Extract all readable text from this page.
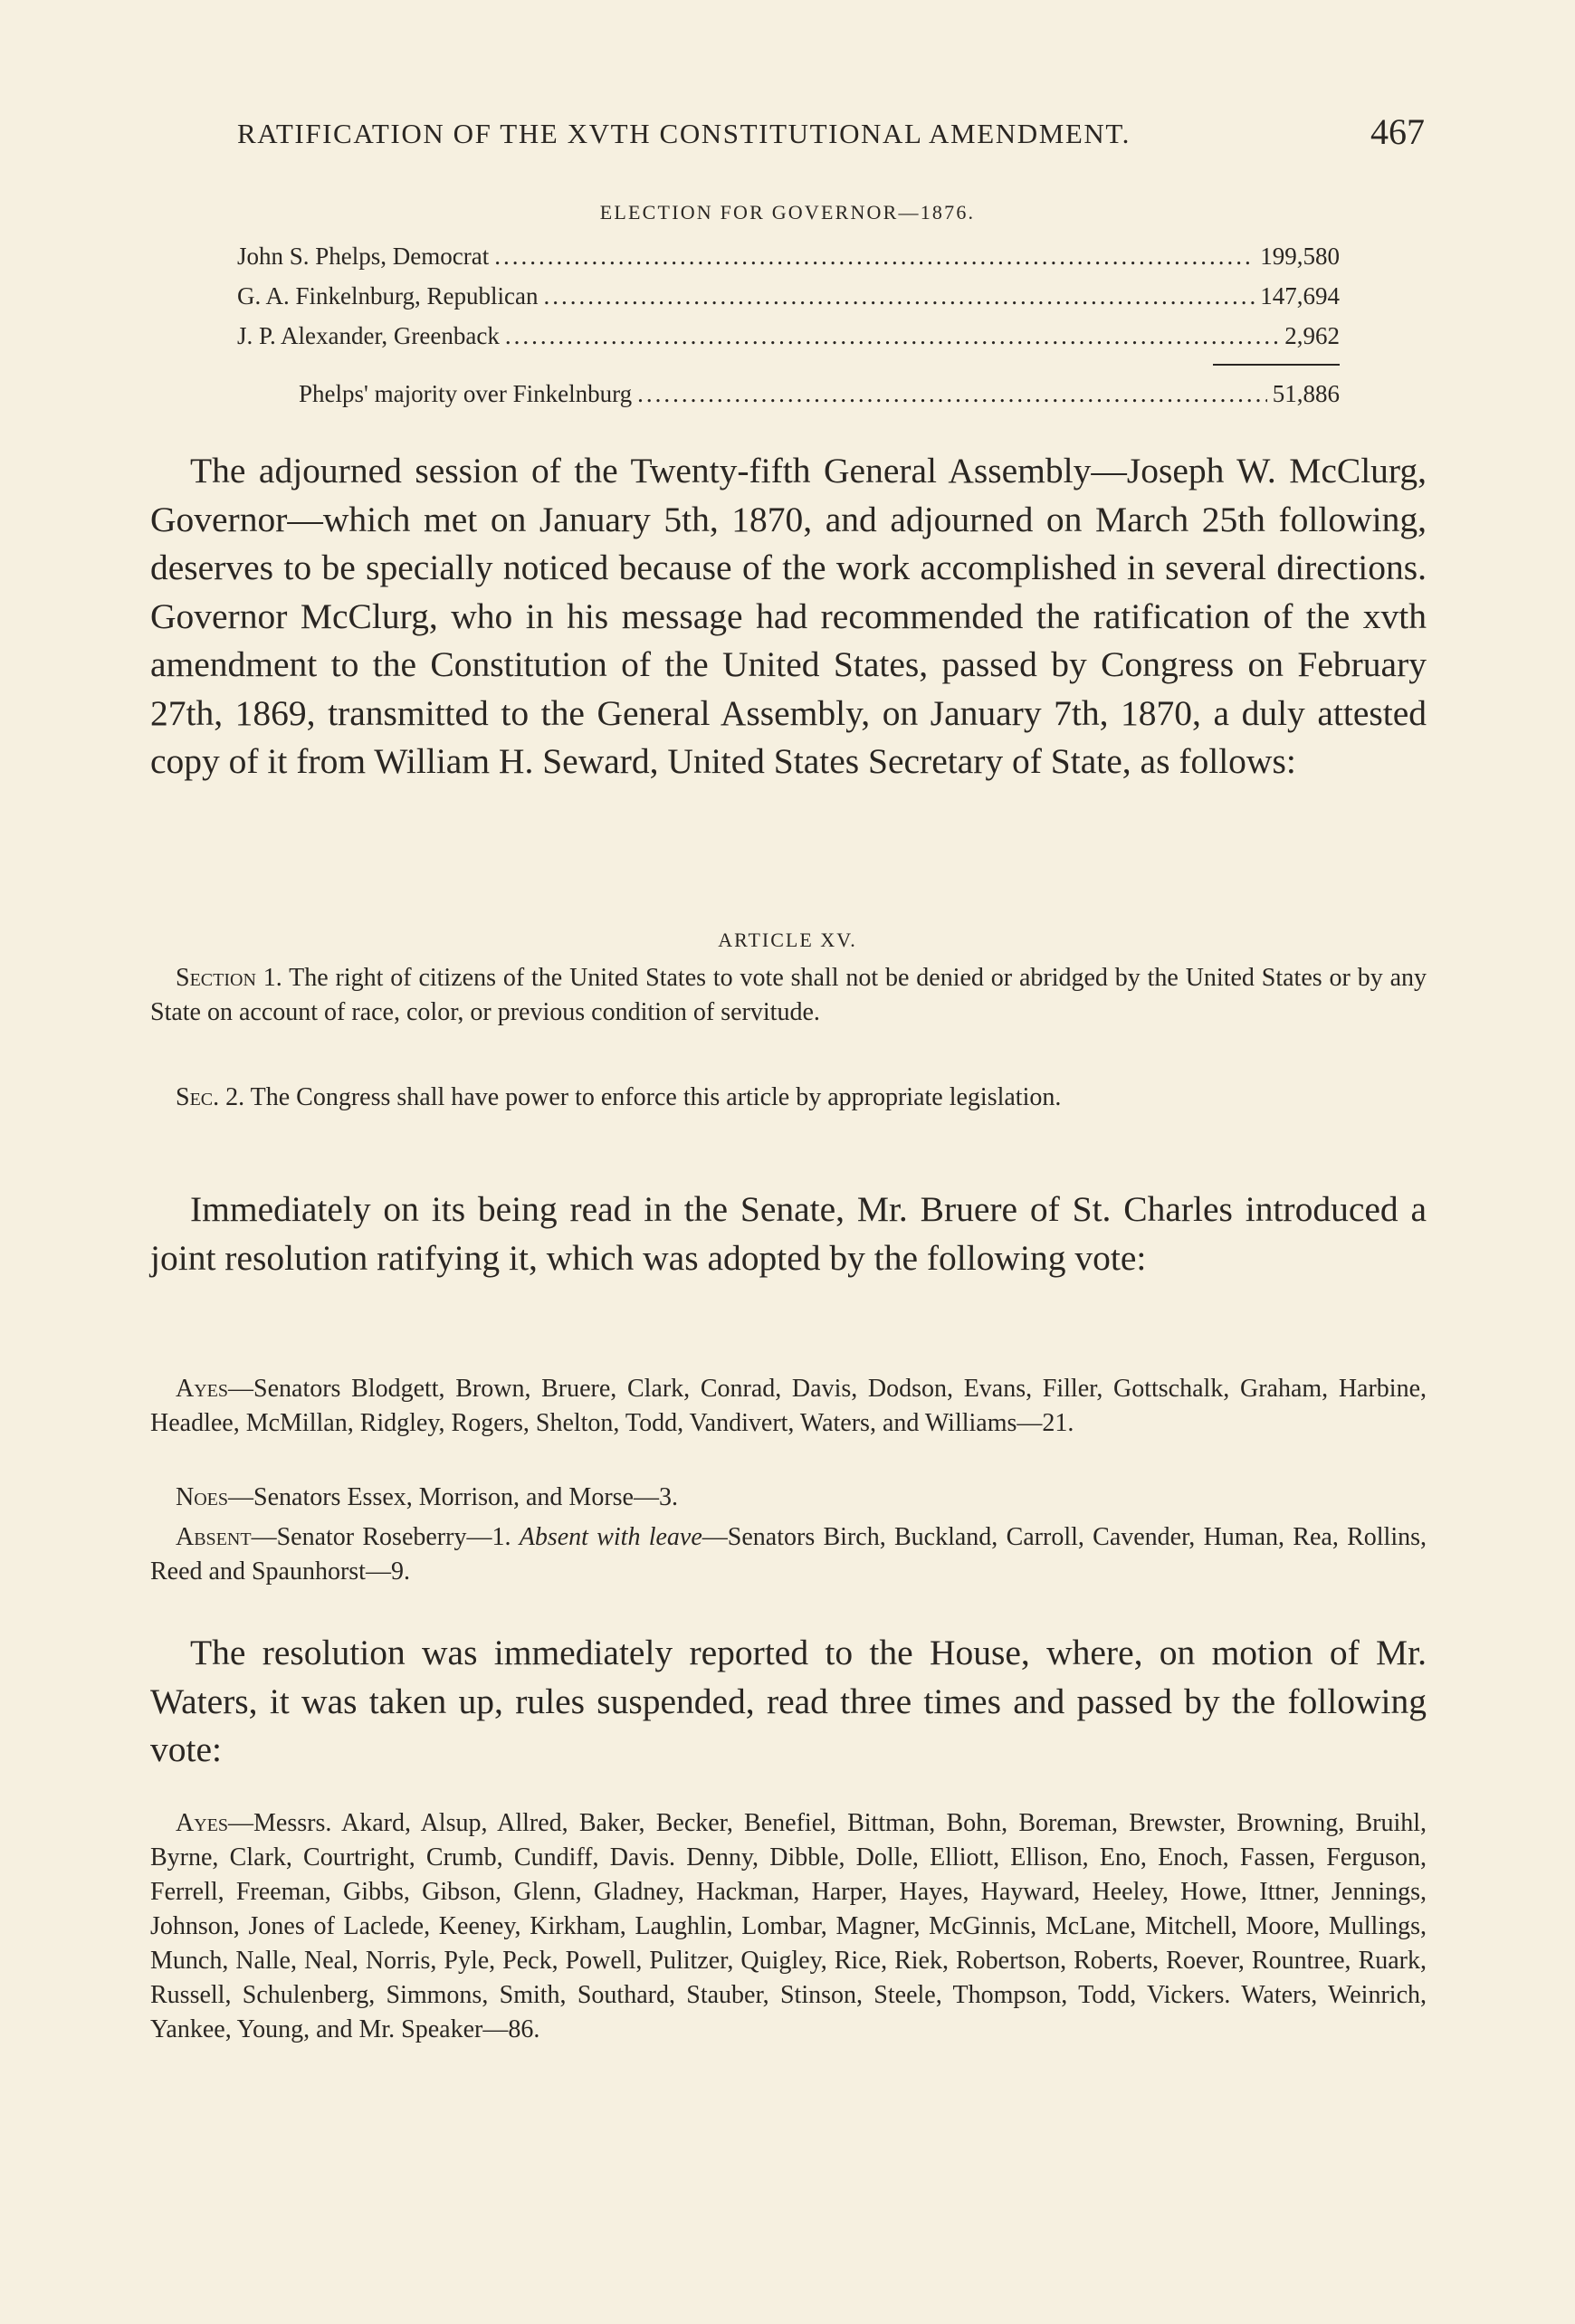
RATIFICATION OF THE XVTH CONSTITUTIONAL AMENDMENT.	467
ELECTION FOR GOVERNOR—1876.
John S. Phelps, Democrat .....	199,580
G. A. Finkelnburg, Republican .....	147,694
J. P. Alexander, Greenback .....	2,962
Phelps' majority over Finkelnburg .....	51,886

The adjourned session of the Twenty-fifth General Assembly—Joseph W. McClurg, Governor—which met on January 5th, 1870, and adjourned on March 25th following, deserves to be specially noticed because of the work accomplished in several directions. Governor McClurg, who in his message had recommended the ratification of the xvth amendment to the Constitution of the United States, passed by Congress on February 27th, 1869, transmitted to the General Assembly, on January 7th, 1870, a duly attested copy of it from William H. Seward, United States Secretary of State, as follows:

ARTICLE XV.

Section 1. The right of citizens of the United States to vote shall not be denied or abridged by the United States or by any State on account of race, color, or previous condition of servitude.

Sec. 2. The Congress shall have power to enforce this article by appropriate legislation.

Immediately on its being read in the Senate, Mr. Bruere of St. Charles introduced a joint resolution ratifying it, which was adopted by the following vote:

Ayes—Senators Blodgett, Brown, Bruere, Clark, Conrad, Davis, Dodson, Evans, Filler, Gottschalk, Graham, Harbine, Headlee, McMillan, Ridgley, Rogers, Shelton, Todd, Vandivert, Waters, and Williams—21.

Noes—Senators Essex, Morrison, and Morse—3.

Absent—Senator Roseberry—1. Absent with leave—Senators Birch, Buckland, Carroll, Cavender, Human, Rea, Rollins, Reed and Spaunhorst—9.

The resolution was immediately reported to the House, where, on motion of Mr. Waters, it was taken up, rules suspended, read three times and passed by the following vote:

Ayes—Messrs. Akard, Alsup, Allred, Baker, Becker, Benefiel, Bittman, Bohn, Boreman, Brewster, Browning, Bruihl, Byrne, Clark, Courtright, Crumb, Cundiff, Davis. Denny, Dibble, Dolle, Elliott, Ellison, Eno, Enoch, Fassen, Ferguson, Ferrell, Freeman, Gibbs, Gibson, Glenn, Gladney, Hackman, Harper, Hayes, Hayward, Heeley, Howe, Ittner, Jennings, Johnson, Jones of Laclede, Keeney, Kirkham, Laughlin, Lombar, Magner, McGinnis, McLane, Mitchell, Moore, Mullings, Munch, Nalle, Neal, Norris, Pyle, Peck, Powell, Pulitzer, Quigley, Rice, Riek, Robertson, Roberts, Roever, Rountree, Ruark, Russell, Schulenberg, Simmons, Smith, Southard, Stauber, Stinson, Steele, Thompson, Todd, Vickers. Waters, Weinrich, Yankee, Young, and Mr. Speaker—86.
